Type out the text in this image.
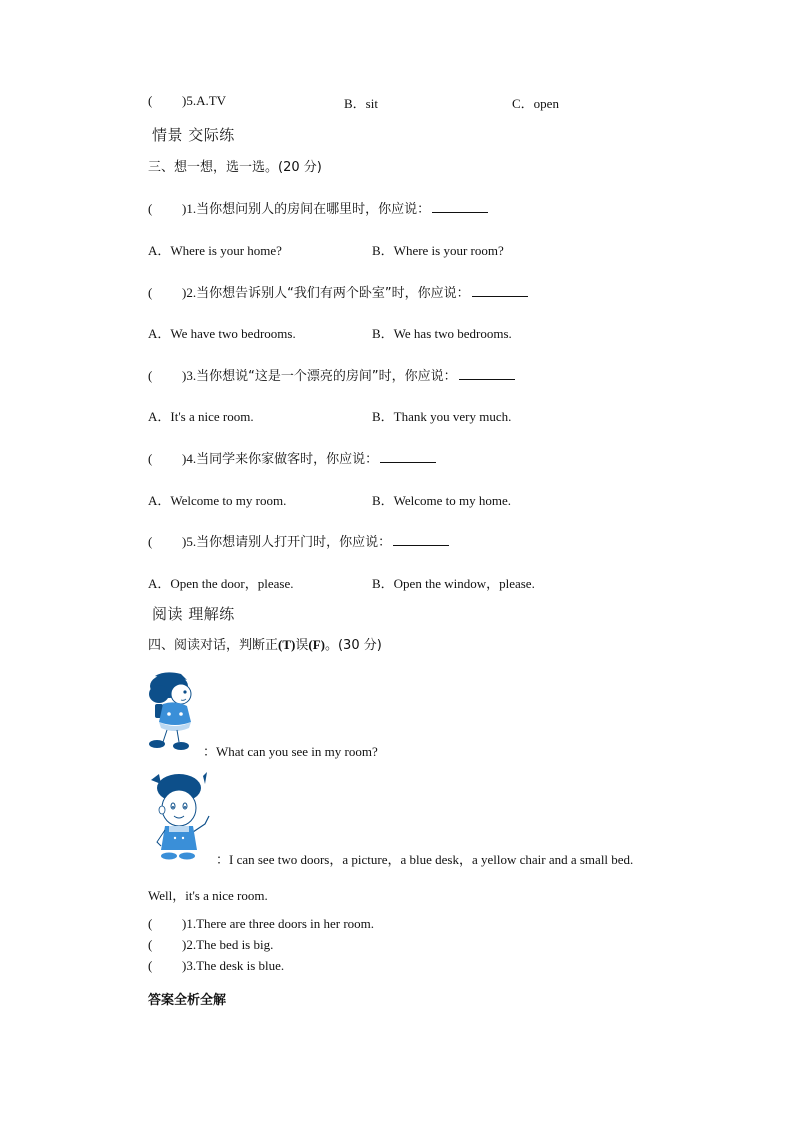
( )5.A.TV	B．sit	C．open
情景 交际练
三、想一想，选一选。(20 分)
( )1.当你想问别人的房间在哪里时，你应说：
A．Where is your home?	B．Where is your room?
( )2.当你想告诉别人“我们有两个卧室”时，你应说：
A．We have two bedrooms.	B．We has two bedrooms.
( )3.当你想说“这是一个漂亮的房间”时，你应说：
A．It's a nice room.	B．Thank you very much.
( )4.当同学来你家做客时，你应说：
A．Welcome to my room.	B．Welcome to my home.
( )5.当你想请别人打开门时，你应说：
A．Open the door，please.	B．Open the window，please.
阅读 理解练
四、阅读对话，判断正(T)误(F)。(30 分)
：What can you see in my room?
：I can see two doors，a picture，a blue desk，a yellow chair and a small bed.
Well，it's a nice room.
( )1.There are three doors in her room.
( )2.The bed is big.
( )3.The desk is blue.
答案全析全解
